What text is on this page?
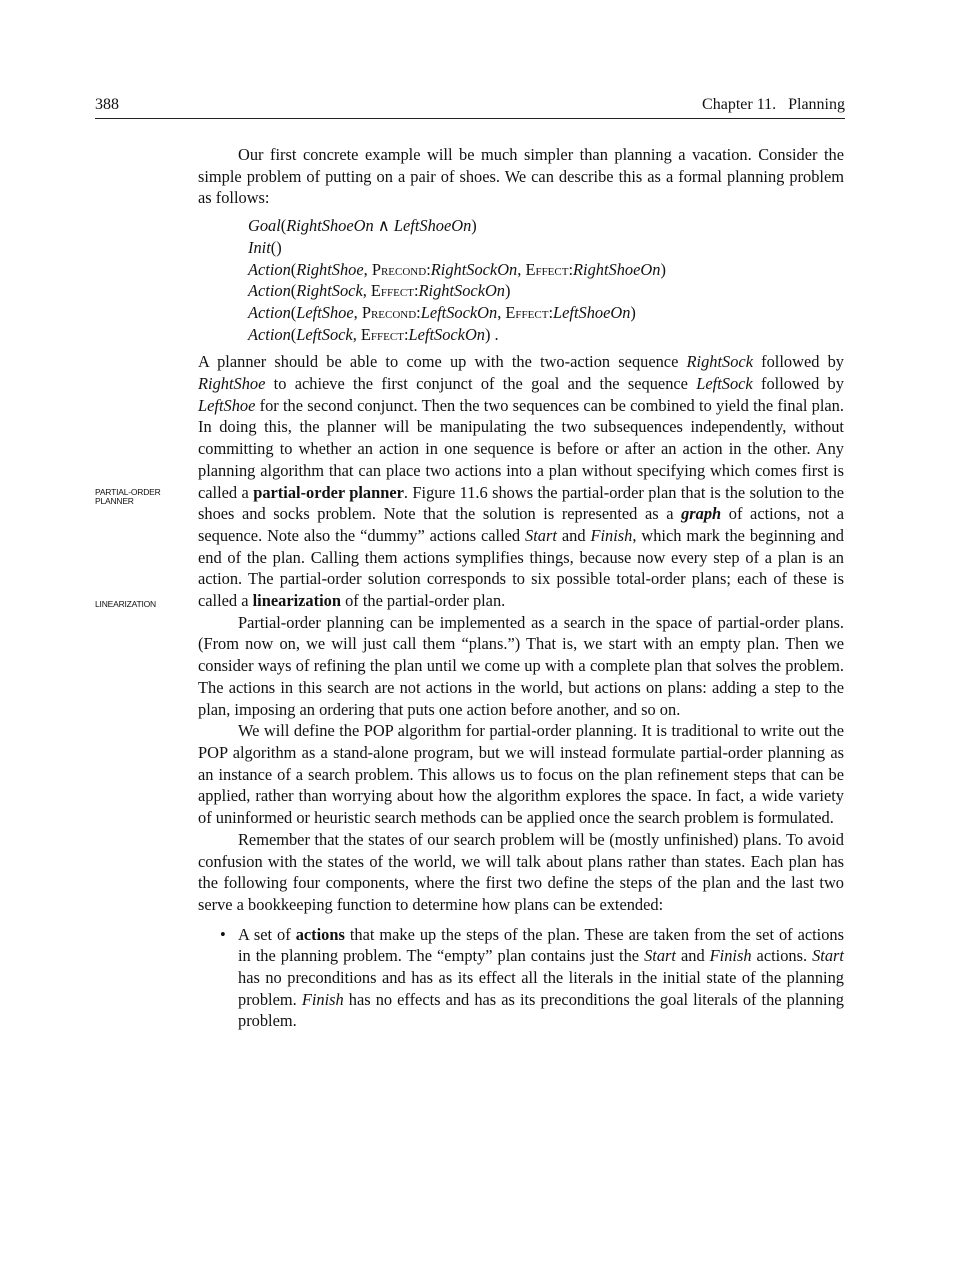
388	Chapter 11. Planning
PARTIAL-ORDER PLANNER
LINEARIZATION

Our first concrete example will be much simpler than planning a vacation. Consider the simple problem of putting on a pair of shoes. We can describe this as a formal planning problem as follows:

Goal(RightShoeOn ∧ LeftShoeOn)
Init()
Action(RightShoe, Precond:RightSockOn, Effect:RightShoeOn)
Action(RightSock, Effect:RightSockOn)
Action(LeftShoe, Precond:LeftSockOn, Effect:LeftShoeOn)
Action(LeftSock, Effect:LeftSockOn) .

A planner should be able to come up with the two-action sequence RightSock followed by RightShoe to achieve the first conjunct of the goal and the sequence LeftSock followed by LeftShoe for the second conjunct. Then the two sequences can be combined to yield the final plan. In doing this, the planner will be manipulating the two subsequences independently, without committing to whether an action in one sequence is before or after an action in the other. Any planning algorithm that can place two actions into a plan without specifying which comes first is called a partial-order planner. Figure 11.6 shows the partial-order plan that is the solution to the shoes and socks problem. Note that the solution is represented as a graph of actions, not a sequence. Note also the “dummy” actions called Start and Finish, which mark the beginning and end of the plan. Calling them actions symplifies things, because now every step of a plan is an action. The partial-order solution corresponds to six possible total-order plans; each of these is called a linearization of the partial-order plan.

Partial-order planning can be implemented as a search in the space of partial-order plans. (From now on, we will just call them “plans.”) That is, we start with an empty plan. Then we consider ways of refining the plan until we come up with a complete plan that solves the problem. The actions in this search are not actions in the world, but actions on plans: adding a step to the plan, imposing an ordering that puts one action before another, and so on.

We will define the POP algorithm for partial-order planning. It is traditional to write out the POP algorithm as a stand-alone program, but we will instead formulate partial-order planning as an instance of a search problem. This allows us to focus on the plan refinement steps that can be applied, rather than worrying about how the algorithm explores the space. In fact, a wide variety of uninformed or heuristic search methods can be applied once the search problem is formulated.

Remember that the states of our search problem will be (mostly unfinished) plans. To avoid confusion with the states of the world, we will talk about plans rather than states. Each plan has the following four components, where the first two define the steps of the plan and the last two serve a bookkeeping function to determine how plans can be extended:

• A set of actions that make up the steps of the plan. These are taken from the set of actions in the planning problem. The “empty” plan contains just the Start and Finish actions. Start has no preconditions and has as its effect all the literals in the initial state of the planning problem. Finish has no effects and has as its preconditions the goal literals of the planning problem.
